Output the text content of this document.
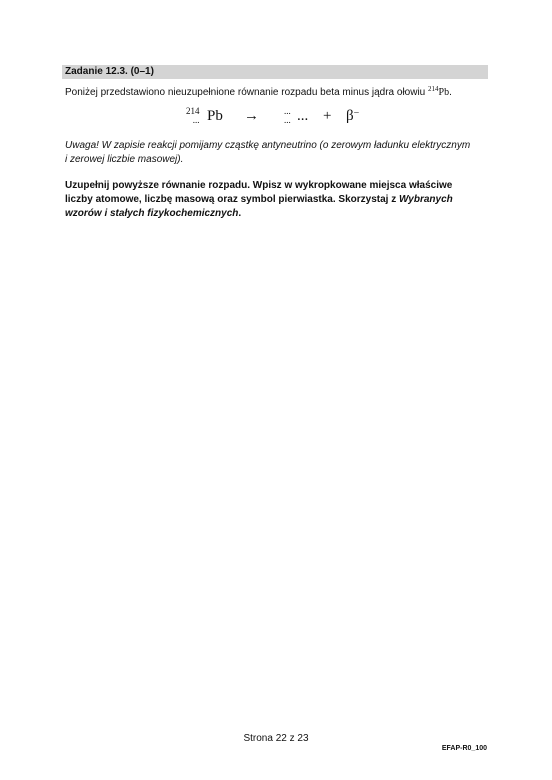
Zadanie 12.3. (0–1)
Poniżej przedstawiono nieuzupełnione równanie rozpadu beta minus jądra ołowiu $^{214}$Pb.
214
... Pb →	...
... ... + β−
Uwaga! W zapisie reakcji pomijamy cząstkę antyneutrino (o zerowym ładunku elektrycznym
i zerowej liczbie masowej).
Uzupełnij powyższe równanie rozpadu. Wpisz w wykropkowane miejsca właściwe
liczby atomowe, liczbę masową oraz symbol pierwiastka. Skorzystaj z Wybranych
wzorów i stałych fizykochemicznych.
Strona 22 z 23
EFAP-R0_100
